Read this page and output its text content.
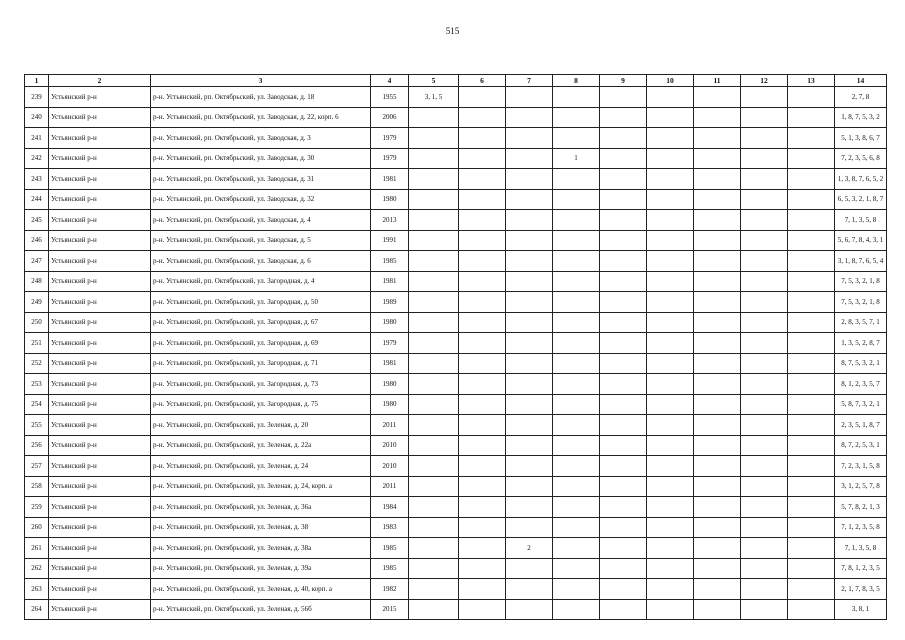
515
1	2	3	4	5	6	7	8	9	10	11	12	13	14
239	Устьянский р-н	р-н. Устьянский, рп. Октябрьский, ул. Заводская, д. 18	1955	3, 1, 5									2, 7, 8
240	Устьянский р-н	р-н. Устьянский, рп. Октябрьский, ул. Заводская, д. 22, корп. 6	2006										1, 8, 7, 5, 3, 2
241	Устьянский р-н	р-н. Устьянский, рп. Октябрьский, ул. Заводская, д. 3	1979										5, 1, 3, 8, 6, 7
242	Устьянский р-н	р-н. Устьянский, рп. Октябрьский, ул. Заводская, д. 30	1979				1						7, 2, 3, 5, 6, 8
243	Устьянский р-н	р-н. Устьянский, рп. Октябрьский, ул. Заводская, д. 31	1981										1, 3, 8, 7, 6, 5, 2
244	Устьянский р-н	р-н. Устьянский, рп. Октябрьский, ул. Заводская, д. 32	1980										6, 5, 3, 2, 1, 8, 7
245	Устьянский р-н	р-н. Устьянский, рп. Октябрьский, ул. Заводская, д. 4	2013										7, 1, 3, 5, 8
246	Устьянский р-н	р-н. Устьянский, рп. Октябрьский, ул. Заводская, д. 5	1991										5, 6, 7, 8, 4, 3, 1
247	Устьянский р-н	р-н. Устьянский, рп. Октябрьский, ул. Заводская, д. 6	1985										3, 1, 8, 7, 6, 5, 4
248	Устьянский р-н	р-н. Устьянский, рп. Октябрьский, ул. Загородная, д. 4	1981										7, 5, 3, 2, 1, 8
249	Устьянский р-н	р-н. Устьянский, рп. Октябрьский, ул. Загородная, д. 50	1989										7, 5, 3, 2, 1, 8
250	Устьянский р-н	р-н. Устьянский, рп. Октябрьский, ул. Загородная, д. 67	1980										2, 8, 3, 5, 7, 1
251	Устьянский р-н	р-н. Устьянский, рп. Октябрьский, ул. Загородная, д. 69	1979										1, 3, 5, 2, 8, 7
252	Устьянский р-н	р-н. Устьянский, рп. Октябрьский, ул. Загородная, д. 71	1981										8, 7, 5, 3, 2, 1
253	Устьянский р-н	р-н. Устьянский, рп. Октябрьский, ул. Загородная, д. 73	1980										8, 1, 2, 3, 5, 7
254	Устьянский р-н	р-н. Устьянский, рп. Октябрьский, ул. Загородная, д. 75	1980										5, 8, 7, 3, 2, 1
255	Устьянский р-н	р-н. Устьянский, рп. Октябрьский, ул. Зеленая, д. 20	2011										2, 3, 5, 1, 8, 7
256	Устьянский р-н	р-н. Устьянский, рп. Октябрьский, ул. Зеленая, д. 22а	2010										8, 7, 2, 5, 3, 1
257	Устьянский р-н	р-н. Устьянский, рп. Октябрьский, ул. Зеленая, д. 24	2010										7, 2, 3, 1, 5, 8
258	Устьянский р-н	р-н. Устьянский, рп. Октябрьский, ул. Зеленая, д. 24, корп. а	2011										3, 1, 2, 5, 7, 8
259	Устьянский р-н	р-н. Устьянский, рп. Октябрьский, ул. Зеленая, д. 36а	1984										5, 7, 8, 2, 1, 3
260	Устьянский р-н	р-н. Устьянский, рп. Октябрьский, ул. Зеленая, д. 38	1983										7, 1, 2, 3, 5, 8
261	Устьянский р-н	р-н. Устьянский, рп. Октябрьский, ул. Зеленая, д. 38а	1985			2							7, 1, 3, 5, 8
262	Устьянский р-н	р-н. Устьянский, рп. Октябрьский, ул. Зеленая, д. 39а	1985										7, 8, 1, 2, 3, 5
263	Устьянский р-н	р-н. Устьянский, рп. Октябрьский, ул. Зеленая, д. 40, корп. а	1982										2, 1, 7, 8, 3, 5
264	Устьянский р-н	р-н. Устьянский, рп. Октябрьский, ул. Зеленая, д. 56б	2015										3, 8, 1
